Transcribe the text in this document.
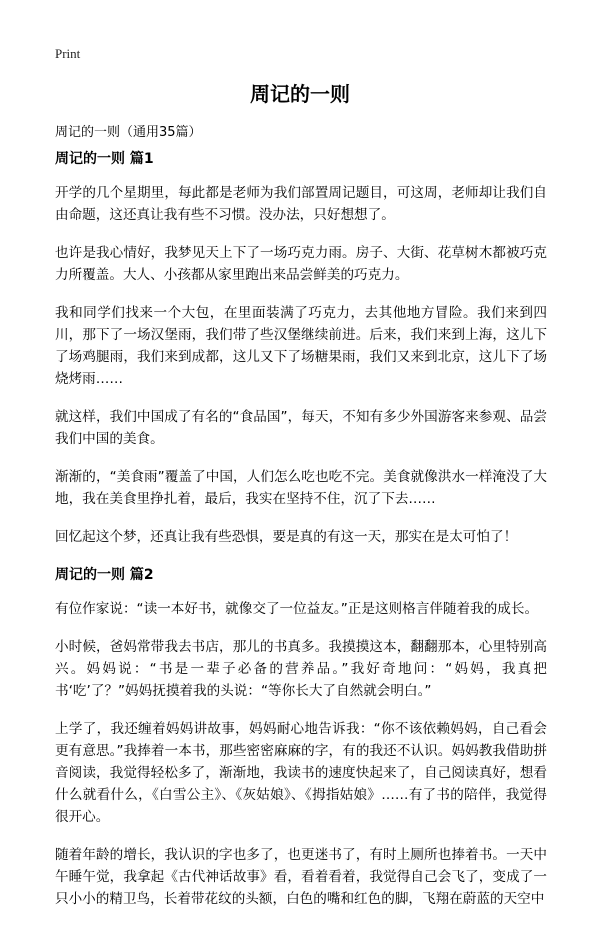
Print
周记的一则
周记的一则（通用35篇）
周记的一则 篇1

开学的几个星期里，每此都是老师为我们部置周记题目，可这周，老师却让我们自由命题，这还真让我有些不习惯。没办法，只好想想了。

也许是我心情好，我梦见天上下了一场巧克力雨。房子、大街、花草树木都被巧克力所覆盖。大人、小孩都从家里跑出来品尝鲜美的巧克力。

我和同学们找来一个大包，在里面装满了巧克力，去其他地方冒险。我们来到四川，那下了一场汉堡雨，我们带了些汉堡继续前进。后来，我们来到上海，这儿下了场鸡腿雨，我们来到成都，这儿又下了场糖果雨，我们又来到北京，这儿下了场烧烤雨……

就这样，我们中国成了有名的“食品国”，每天，不知有多少外国游客来参观、品尝我们中国的美食。

渐渐的，“美食雨”覆盖了中国，人们怎么吃也吃不完。美食就像洪水一样淹没了大地，我在美食里挣扎着，最后，我实在坚持不住，沉了下去……

回忆起这个梦，还真让我有些恐惧，要是真的有这一天，那实在是太可怕了！

周记的一则 篇2

有位作家说：“读一本好书，就像交了一位益友。”正是这则格言伴随着我的成长。

小时候，爸妈常带我去书店，那儿的书真多。我摸摸这本，翻翻那本，心里特别高兴。妈妈说：“书是一辈子必备的营养品。”我好奇地问：“妈妈，我真把书‘吃’了？”妈妈抚摸着我的头说：“等你长大了自然就会明白。”

上学了，我还缠着妈妈讲故事，妈妈耐心地告诉我：“你不该依赖妈妈，自己看会更有意思。”我捧着一本书，那些密密麻麻的字，有的我还不认识。妈妈教我借助拼音阅读，我觉得轻松多了，渐渐地，我读书的速度快起来了，自己阅读真好，想看什么就看什么，《白雪公主》、《灰姑娘》、《拇指姑娘》……有了书的陪伴，我觉得很开心。

随着年龄的增长，我认识的字也多了，也更迷书了，有时上厕所也捧着书。一天中午睡午觉，我拿起《古代神话故事》看，看着看着，我觉得自己会飞了，变成了一只小小的精卫鸟，长着带花纹的头额，白色的嘴和红色的脚，飞翔在蔚蓝的天空中
